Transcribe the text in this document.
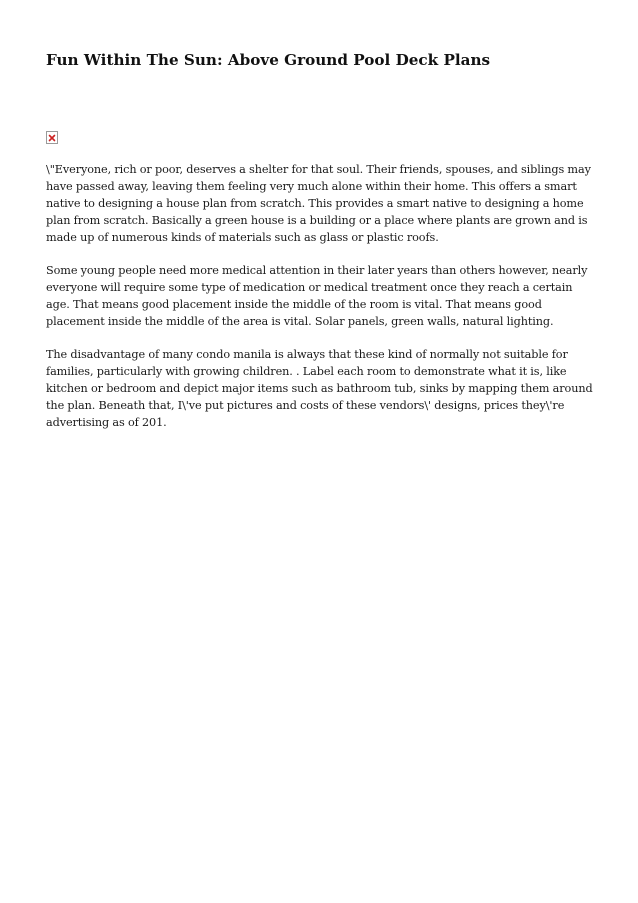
Fun Within The Sun: Above Ground Pool Deck Plans

\"Everyone, rich or poor, deserves a shelter for that soul. Their friends, spouses, and siblings may have passed away, leaving them feeling very much alone within their home. This offers a smart native to designing a house plan from scratch. This provides a smart native to designing a home plan from scratch. Basically a green house is a building or a place where plants are grown and is made up of numerous kinds of materials such as glass or plastic roofs.

Some young people need more medical attention in their later years than others however, nearly everyone will require some type of medication or medical treatment once they reach a certain age. That means good placement inside the middle of the room is vital. That means good placement inside the middle of the area is vital. Solar panels, green walls, natural lighting.

The disadvantage of many condo manila is always that these kind of normally not suitable for families, particularly with growing children. . Label each room to demonstrate what it is, like kitchen or bedroom and depict major items such as bathroom tub, sinks by mapping them around the plan. Beneath that, I\'ve put pictures and costs of these vendors\' designs, prices they\'re advertising as of 201.
